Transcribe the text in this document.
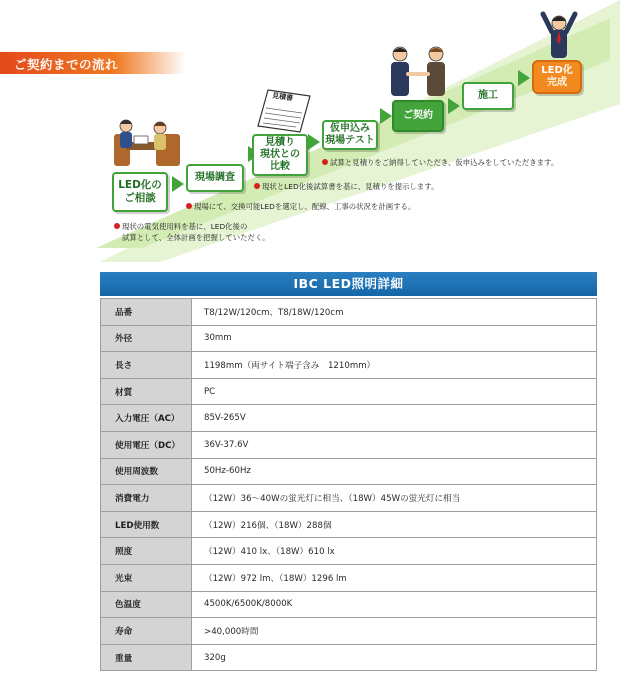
ご契約までの流れ
見積書
LED化の
ご相談
現場調査
見積り
現状との
比較
仮申込み
現場テスト
ご契約
施工
LED化
完成
現状の電気使用料を基に、LED化後の
試算として、全体計画を把握していただく。
現場にて、交換可能LEDを選定し、配線、工事の状況を計画する。
現状とLED化後試算書を基に、見積りを提示します。
試算と見積りをご納得していただき、仮申込みをしていただきます。
IBC LED照明詳細
品番	T8/12W/120cm、T8/18W/120cm
外径	30mm
長さ	1198mm（両サイト端子含み　1210mm）
材質	PC
入力電圧（AC）	85V-265V
使用電圧（DC）	36V-37.6V
使用周波数	50Hz-60Hz
消費電力	（12W）36～40Wの蛍光灯に相当、（18W）45Wの蛍光灯に相当
LED使用数	（12W）216個、（18W）288個
照度	（12W）410 lx、（18W）610 lx
光束	（12W）972 lm、（18W）1296 lm
色温度	4500K/6500K/8000K
寿命	>40,000時間
重量	320g
